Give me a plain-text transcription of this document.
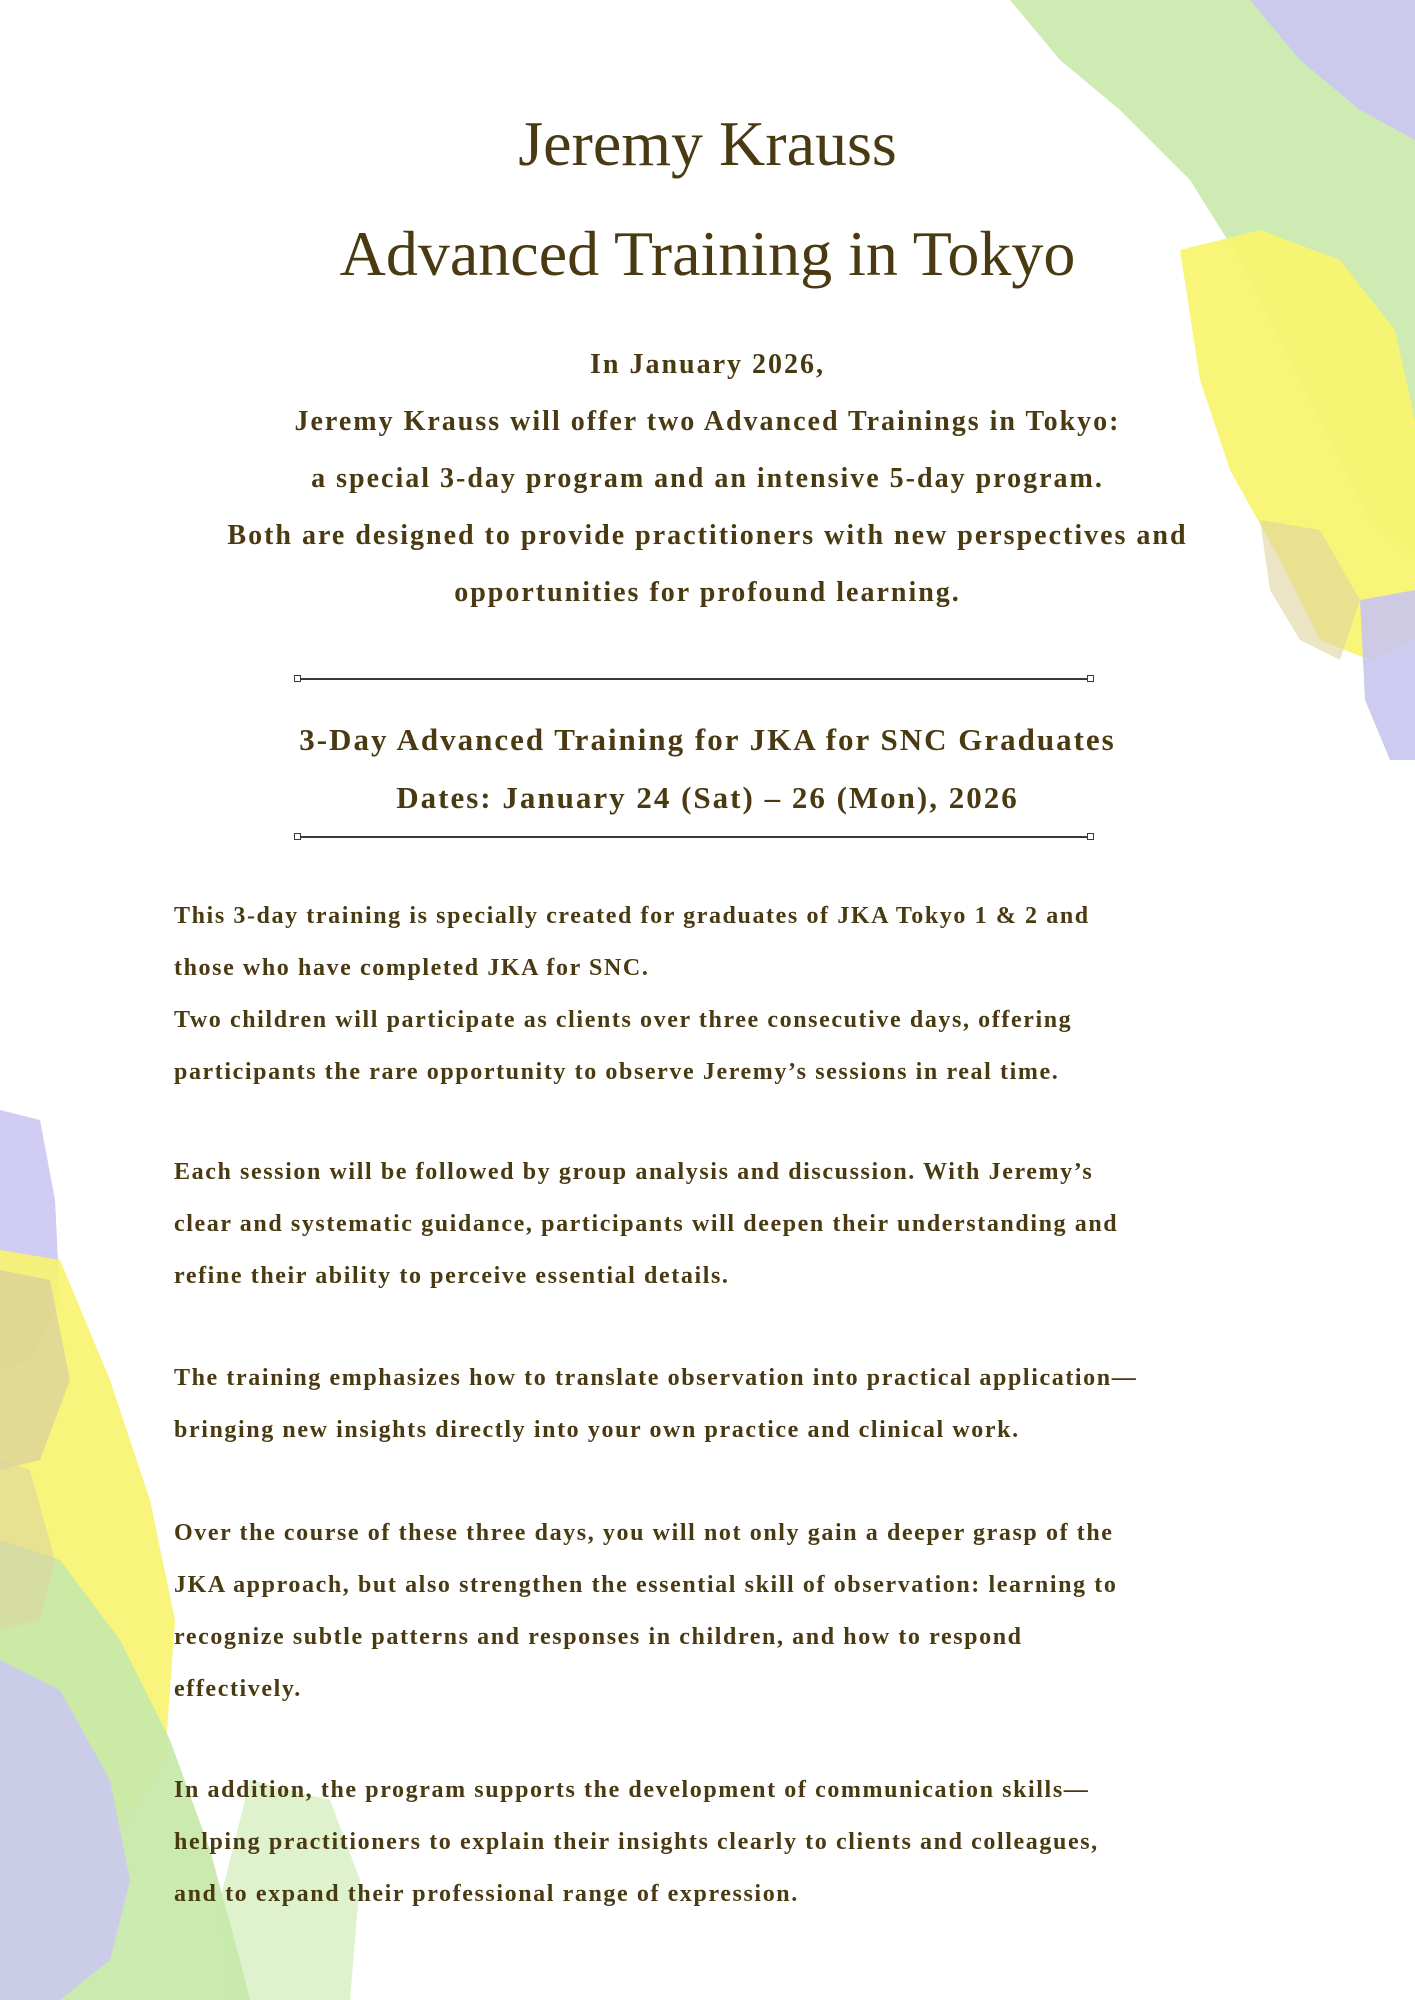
Jeremy Krauss
Advanced Training in Tokyo
In January 2026,
Jeremy Krauss will offer two Advanced Trainings in Tokyo:
a special 3-day program and an intensive 5-day program.
Both are designed to provide practitioners with new perspectives and
opportunities for profound learning.
3-Day Advanced Training for JKA for SNC Graduates
Dates: January 24 (Sat) – 26 (Mon), 2026
This 3-day training is specially created for graduates of JKA Tokyo 1 & 2 and
those who have completed JKA for SNC.
Two children will participate as clients over three consecutive days, offering
participants the rare opportunity to observe Jeremy’s sessions in real time.
Each session will be followed by group analysis and discussion. With Jeremy’s
clear and systematic guidance, participants will deepen their understanding and
refine their ability to perceive essential details.
The training emphasizes how to translate observation into practical application—
bringing new insights directly into your own practice and clinical work.
Over the course of these three days, you will not only gain a deeper grasp of the
JKA approach, but also strengthen the essential skill of observation: learning to
recognize subtle patterns and responses in children, and how to respond
effectively.
In addition, the program supports the development of communication skills—
helping practitioners to explain their insights clearly to clients and colleagues,
and to expand their professional range of expression.
